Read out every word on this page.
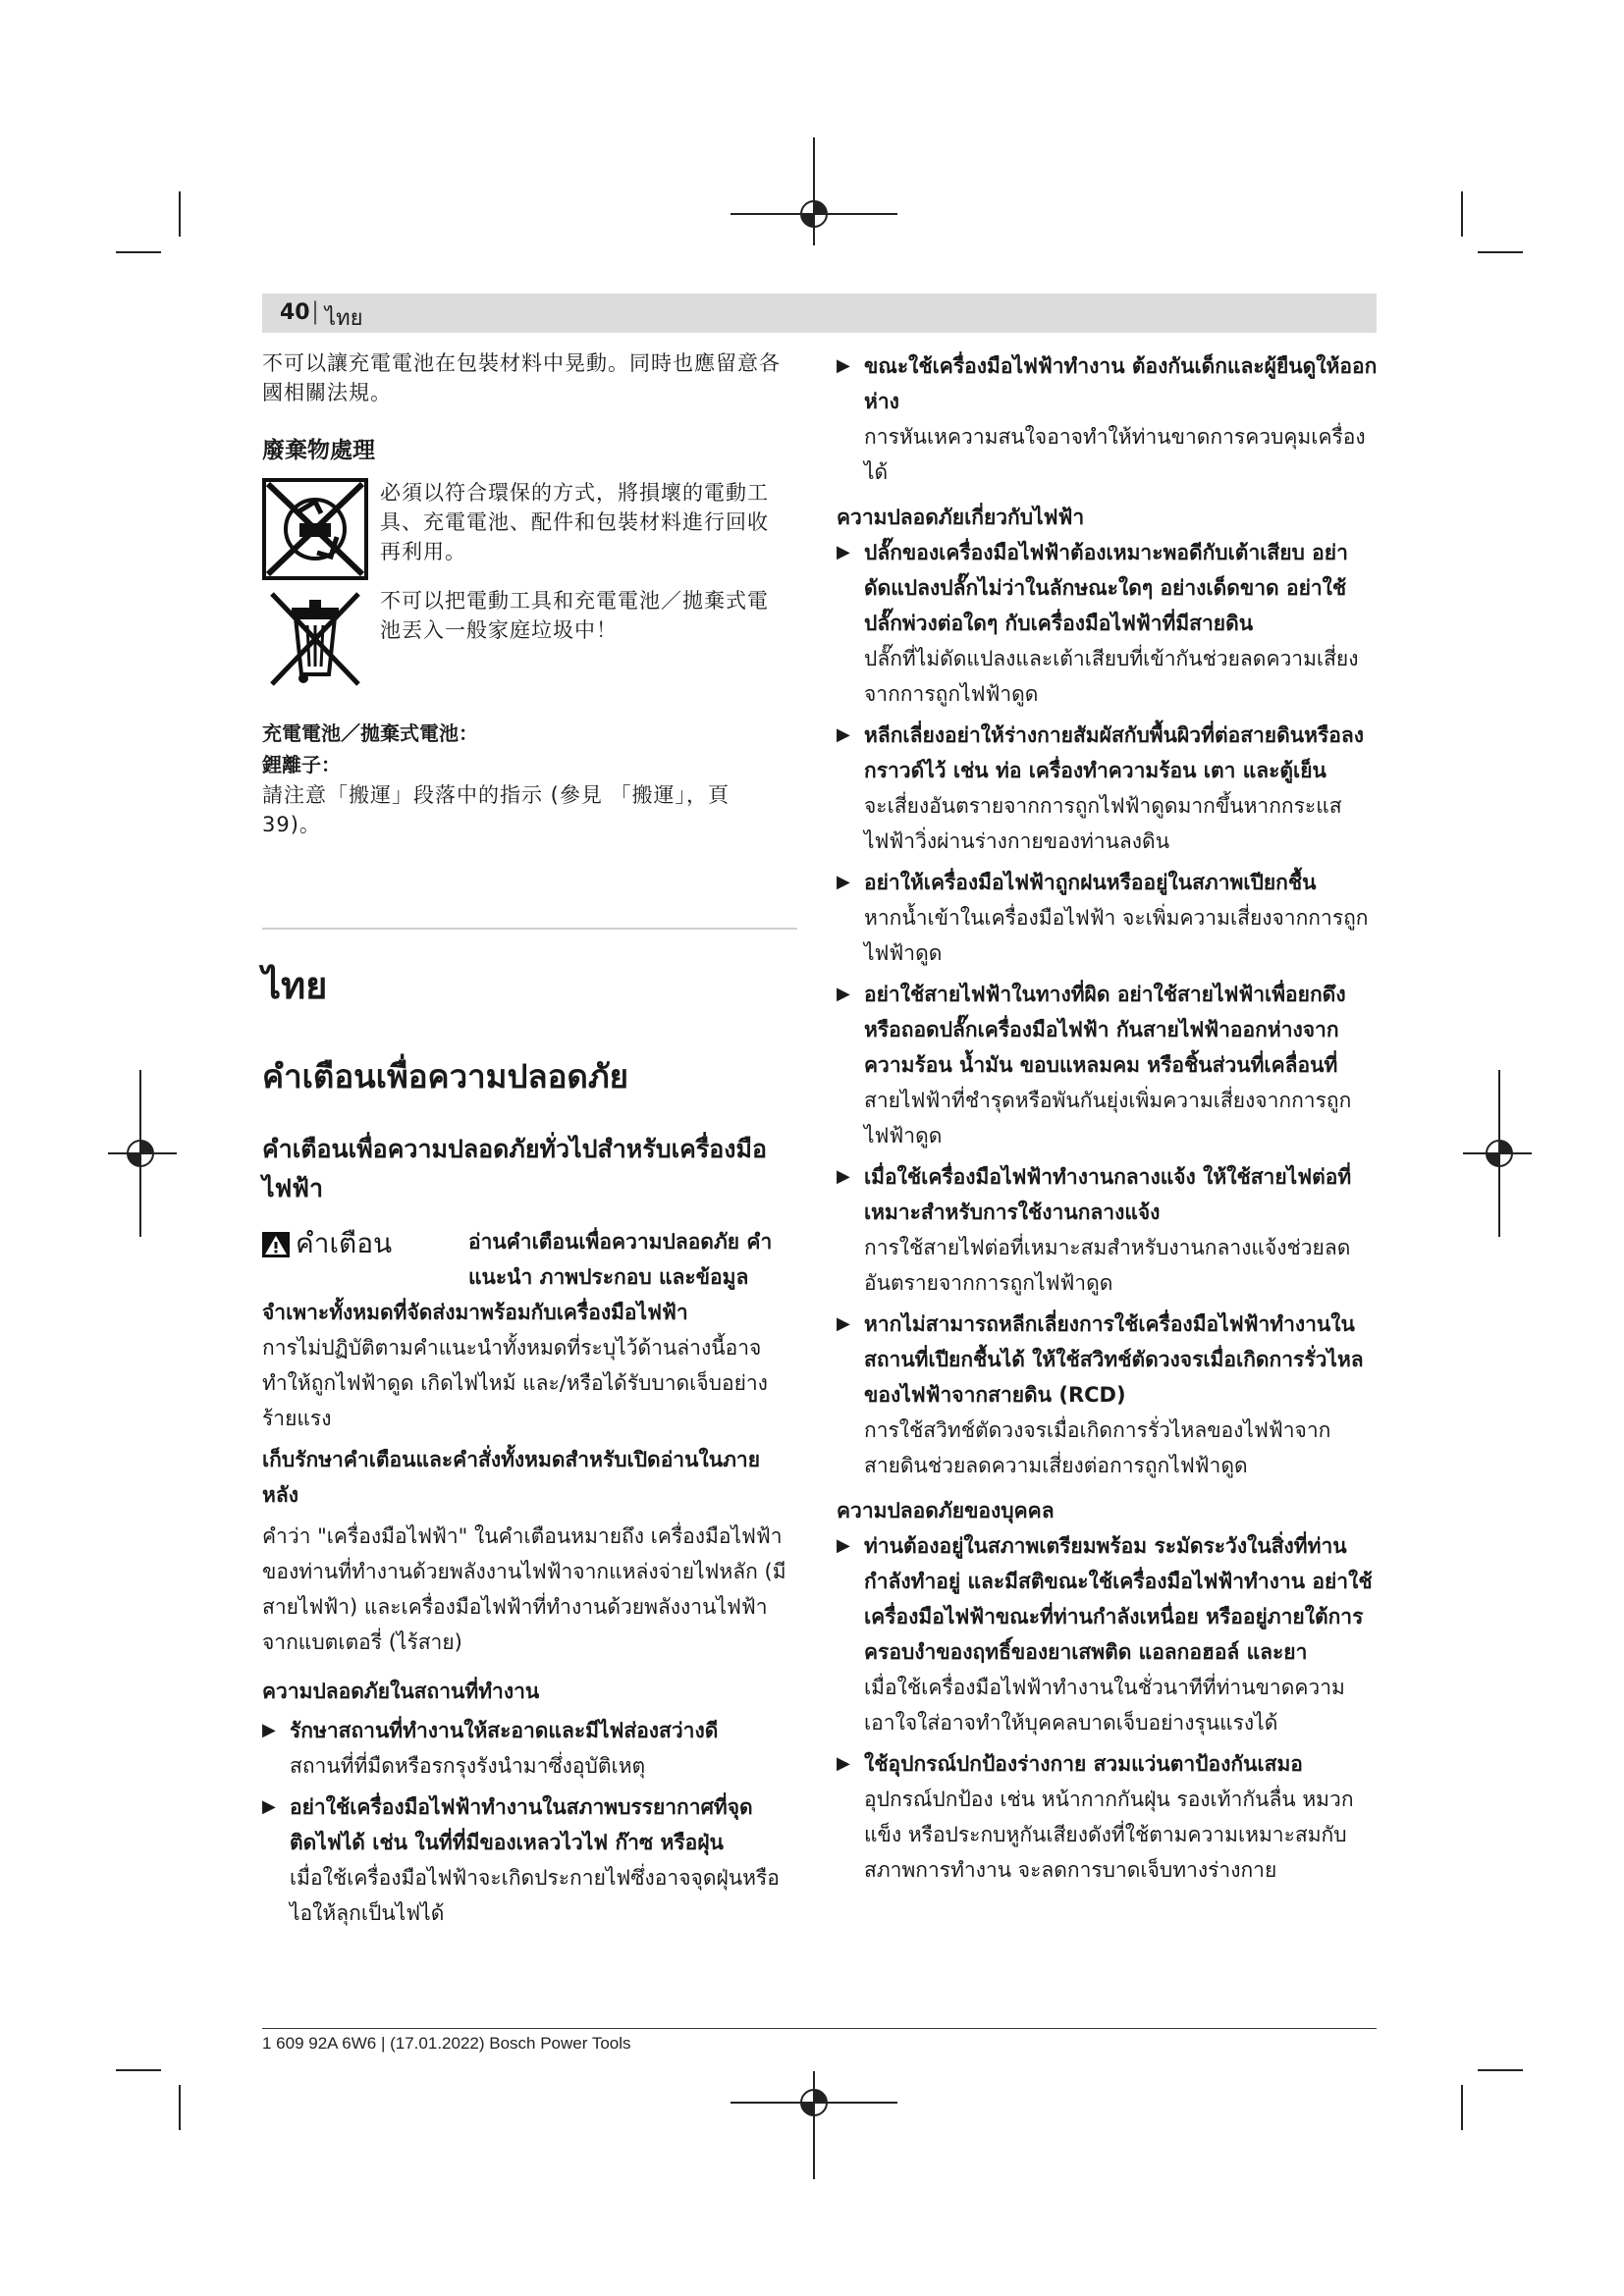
40 | ไทย

不可以讓充電電池在包裝材料中晃動。同時也應留意各國相關法規。

廢棄物處理

必須以符合環保的方式，將損壞的電動工具、充電電池、配件和包裝材料進行回收再利用。

不可以把電動工具和充電電池／拋棄式電池丟入一般家庭垃圾中！

充電電池／拋棄式電池：

鋰離子：

請注意「搬運」段落中的指示 (參見 「搬運」，頁 39)。

ไทย
คำเตือนเพื่อความปลอดภัย
คำเตือนเพื่อความปลอดภัยทั่วไปสำหรับเครื่องมือไฟฟ้า
คำเตือน	อ่านคำเตือนเพื่อความปลอดภัย คำแนะนำ ภาพประกอบ และข้อมูล

จำเพาะทั้งหมดที่จัดส่งมาพร้อมกับเครื่องมือไฟฟ้า

การไม่ปฏิบัติตามคำแนะนำทั้งหมดที่ระบุไว้ด้านล่างนี้อาจทำให้ถูกไฟฟ้าดูด เกิดไฟไหม้ และ/หรือได้รับบาดเจ็บอย่างร้ายแรง

เก็บรักษาคำเตือนและคำสั่งทั้งหมดสำหรับเปิดอ่านในภายหลัง

คำว่า "เครื่องมือไฟฟ้า" ในคำเตือนหมายถึง เครื่องมือไฟฟ้าของท่านที่ทำงานด้วยพลังงานไฟฟ้าจากแหล่งจ่ายไฟหลัก (มีสายไฟฟ้า) และเครื่องมือไฟฟ้าที่ทำงานด้วยพลังงานไฟฟ้าจากแบตเตอรี่ (ไร้สาย)

ความปลอดภัยในสถานที่ทำงาน

▶ รักษาสถานที่ทำงานให้สะอาดและมีไฟส่องสว่างดี

สถานที่ที่มืดหรือรกรุงรังนำมาซึ่งอุบัติเหตุ

▶ อย่าใช้เครื่องมือไฟฟ้าทำงานในสภาพบรรยากาศที่จุดติดไฟได้ เช่น ในที่ที่มีของเหลวไวไฟ ก๊าซ หรือฝุ่น

เมื่อใช้เครื่องมือไฟฟ้าจะเกิดประกายไฟซึ่งอาจจุดฝุ่นหรือไอให้ลุกเป็นไฟได้

▶ ขณะใช้เครื่องมือไฟฟ้าทำงาน ต้องกันเด็กและผู้ยืนดูให้ออกห่าง

การหันเหความสนใจอาจทำให้ท่านขาดการควบคุมเครื่องได้

ความปลอดภัยเกี่ยวกับไฟฟ้า

▶ ปลั๊กของเครื่องมือไฟฟ้าต้องเหมาะพอดีกับเต้าเสียบ อย่าดัดแปลงปลั๊กไม่ว่าในลักษณะใดๆ อย่างเด็ดขาด อย่าใช้ปลั๊กพ่วงต่อใดๆ กับเครื่องมือไฟฟ้าที่มีสายดิน

ปลั๊กที่ไม่ดัดแปลงและเต้าเสียบที่เข้ากันช่วยลดความเสี่ยงจากการถูกไฟฟ้าดูด

▶ หลีกเลี่ยงอย่าให้ร่างกายสัมผัสกับพื้นผิวที่ต่อสายดินหรือลงกราวด์ไว้ เช่น ท่อ เครื่องทำความร้อน เตา และตู้เย็น

จะเสี่ยงอันตรายจากการถูกไฟฟ้าดูดมากขึ้นหากกระแสไฟฟ้าวิ่งผ่านร่างกายของท่านลงดิน

▶ อย่าให้เครื่องมือไฟฟ้าถูกฝนหรืออยู่ในสภาพเปียกชื้น

หากน้ำเข้าในเครื่องมือไฟฟ้า จะเพิ่มความเสี่ยงจากการถูกไฟฟ้าดูด

▶ อย่าใช้สายไฟฟ้าในทางที่ผิด อย่าใช้สายไฟฟ้าเพื่อยกดึง หรือถอดปลั๊กเครื่องมือไฟฟ้า กันสายไฟฟ้าออกห่างจากความร้อน น้ำมัน ขอบแหลมคม หรือชิ้นส่วนที่เคลื่อนที่

สายไฟฟ้าที่ชำรุดหรือพันกันยุ่งเพิ่มความเสี่ยงจากการถูกไฟฟ้าดูด

▶ เมื่อใช้เครื่องมือไฟฟ้าทำงานกลางแจ้ง ให้ใช้สายไฟต่อที่เหมาะสำหรับการใช้งานกลางแจ้ง

การใช้สายไฟต่อที่เหมาะสมสำหรับงานกลางแจ้งช่วยลดอันตรายจากการถูกไฟฟ้าดูด

▶ หากไม่สามารถหลีกเลี่ยงการใช้เครื่องมือไฟฟ้าทำงานในสถานที่เปียกชื้นได้ ให้ใช้สวิทช์ตัดวงจรเมื่อเกิดการรั่วไหลของไฟฟ้าจากสายดิน (RCD)

การใช้สวิทช์ตัดวงจรเมื่อเกิดการรั่วไหลของไฟฟ้าจากสายดินช่วยลดความเสี่ยงต่อการถูกไฟฟ้าดูด

ความปลอดภัยของบุคคล

▶ ท่านต้องอยู่ในสภาพเตรียมพร้อม ระมัดระวังในสิ่งที่ท่านกำลังทำอยู่ และมีสติขณะใช้เครื่องมือไฟฟ้าทำงาน อย่าใช้เครื่องมือไฟฟ้าขณะที่ท่านกำลังเหนื่อย หรืออยู่ภายใต้การครอบงำของฤทธิ์ของยาเสพติด แอลกอฮอล์ และยา

เมื่อใช้เครื่องมือไฟฟ้าทำงานในชั่วนาทีที่ท่านขาดความเอาใจใส่อาจทำให้บุคคลบาดเจ็บอย่างรุนแรงได้

▶ ใช้อุปกรณ์ปกป้องร่างกาย สวมแว่นตาป้องกันเสมอ

อุปกรณ์ปกป้อง เช่น หน้ากากกันฝุ่น รองเท้ากันลื่น หมวกแข็ง หรือประกบหูกันเสียงดังที่ใช้ตามความเหมาะสมกับสภาพการทำงาน จะลดการบาดเจ็บทางร่างกาย

1 609 92A 6W6 | (17.01.2022) Bosch Power Tools
